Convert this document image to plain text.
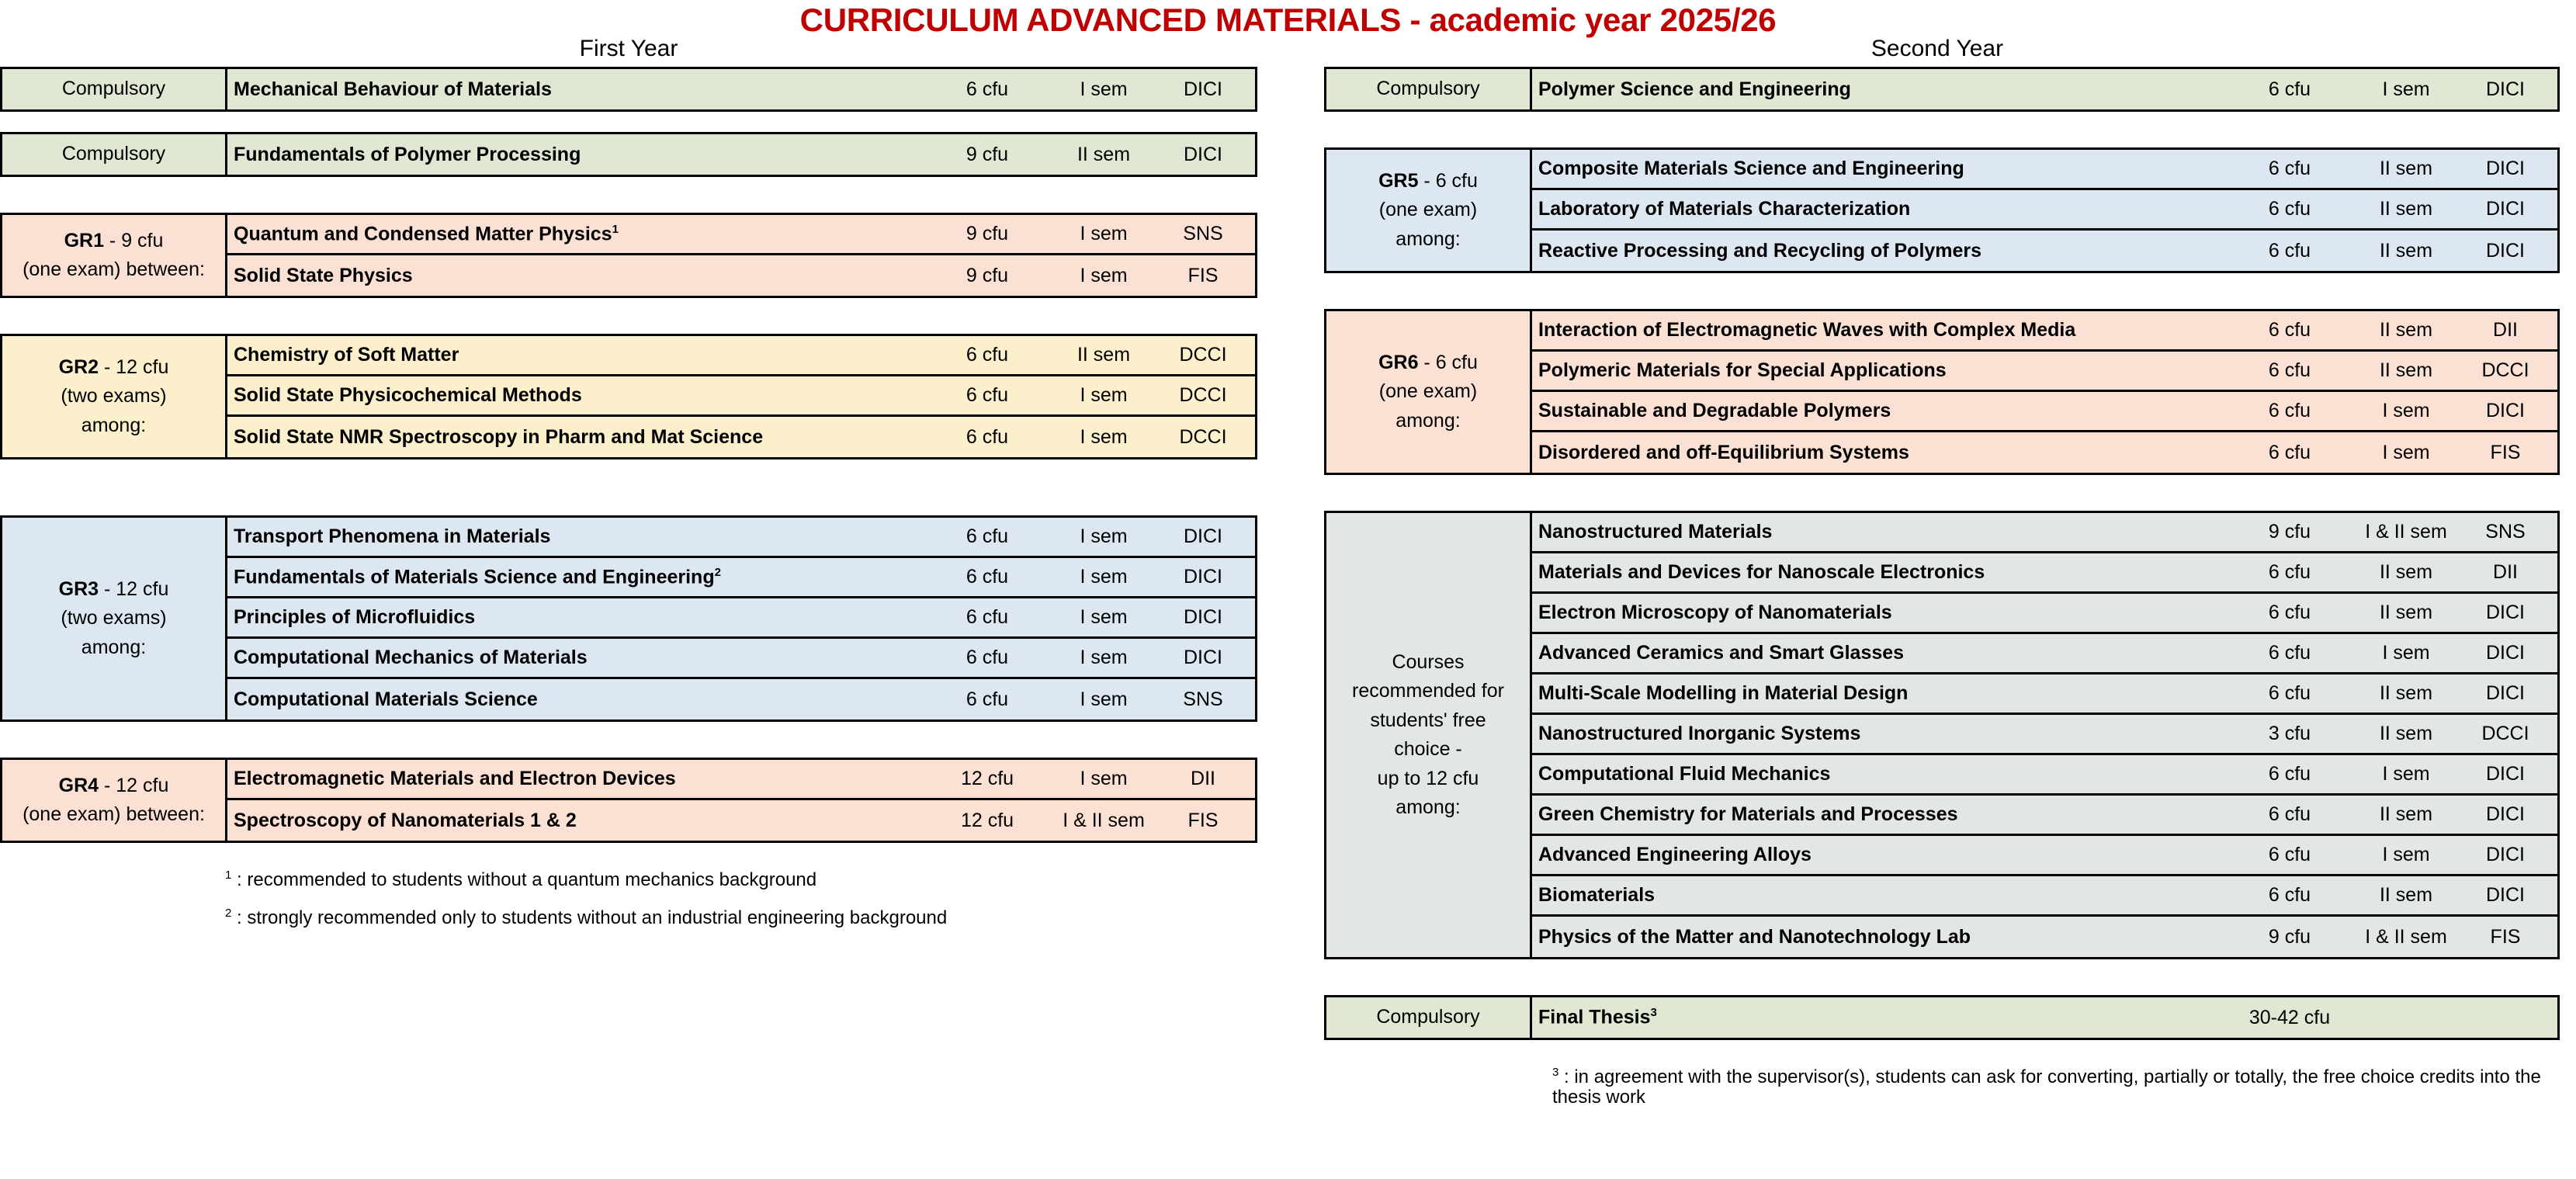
CURRICULUM ADVANCED MATERIALS - academic year 2025/26
First Year
Compulsory	Mechanical Behaviour of Materials	6 cfu	I sem	DICI
Compulsory	Fundamentals of Polymer Processing	9 cfu	II sem	DICI
GR1 - 9 cfu
(one exam) between:
Quantum and Condensed Matter Physics$^1$	9 cfu	I sem	SNS
Solid State Physics	9 cfu	I sem	FIS
GR2 - 12 cfu
(two exams)
among:
Chemistry of Soft Matter	6 cfu	II sem	DCCI
Solid State Physicochemical Methods	6 cfu	I sem	DCCI
Solid State NMR Spectroscopy in Pharm and Mat Science	6 cfu	I sem	DCCI
GR3 - 12 cfu
(two exams)
among:
Transport Phenomena in Materials	6 cfu	I sem	DICI
Fundamentals of Materials Science and Engineering$^2$	6 cfu	I sem	DICI
Principles of Microfluidics	6 cfu	I sem	DICI
Computational Mechanics of Materials	6 cfu	I sem	DICI
Computational Materials Science	6 cfu	I sem	SNS
GR4 - 12 cfu
(one exam) between:
Electromagnetic Materials and Electron Devices	12 cfu	I sem	DII
Spectroscopy of Nanomaterials 1 & 2	12 cfu	I & II sem	FIS
$^1$ : recommended to students without a quantum mechanics background
$^2$ : strongly recommended only to students without an industrial engineering background
Second Year
Compulsory	Polymer Science and Engineering	6 cfu	I sem	DICI
GR5 - 6 cfu
(one exam)
among:
Composite Materials Science and Engineering	6 cfu	II sem	DICI
Laboratory of Materials Characterization	6 cfu	II sem	DICI
Reactive Processing and Recycling of Polymers	6 cfu	II sem	DICI
GR6 - 6 cfu
(one exam)
among:
Interaction of Electromagnetic Waves with Complex Media	6 cfu	II sem	DII
Polymeric Materials for Special Applications	6 cfu	II sem	DCCI
Sustainable and Degradable Polymers	6 cfu	I sem	DICI
Disordered and off-Equilibrium Systems	6 cfu	I sem	FIS
Courses
recommended for
students' free
choice -
up to 12 cfu
among:
Nanostructured Materials	9 cfu	I & II sem	SNS
Materials and Devices for Nanoscale Electronics	6 cfu	II sem	DII
Electron Microscopy of Nanomaterials	6 cfu	II sem	DICI
Advanced Ceramics and Smart Glasses	6 cfu	I sem	DICI
Multi-Scale Modelling in Material Design	6 cfu	II sem	DICI
Nanostructured Inorganic Systems	3 cfu	II sem	DCCI
Computational Fluid Mechanics	6 cfu	I sem	DICI
Green Chemistry for Materials and Processes	6 cfu	II sem	DICI
Advanced Engineering Alloys	6 cfu	I sem	DICI
Biomaterials	6 cfu	II sem	DICI
Physics of the Matter and Nanotechnology Lab	9 cfu	I & II sem	FIS
Compulsory	Final Thesis$^3$	30-42 cfu
$^3$ : in agreement with the supervisor(s), students can ask for converting, partially or totally, the free choice credits into the thesis work
